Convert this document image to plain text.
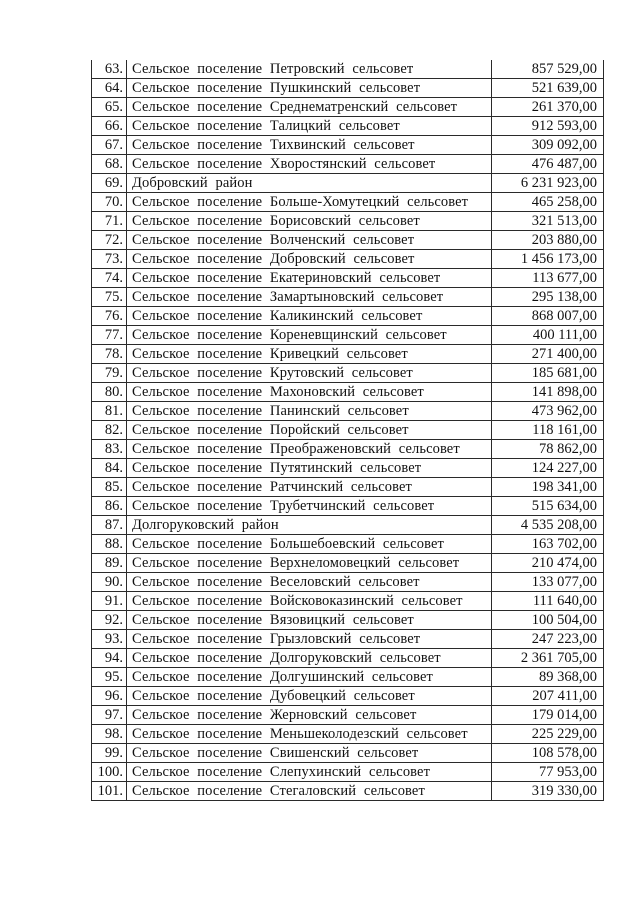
63.	Сельское поселение Петровский сельсовет	857 529,00
64.	Сельское поселение Пушкинский сельсовет	521 639,00
65.	Сельское поселение Среднематренский сельсовет	261 370,00
66.	Сельское поселение Талицкий сельсовет	912 593,00
67.	Сельское поселение Тихвинский сельсовет	309 092,00
68.	Сельское поселение Хворостянский сельсовет	476 487,00
69.	Добровский район	6 231 923,00
70.	Сельское поселение Больше-Хомутецкий сельсовет	465 258,00
71.	Сельское поселение Борисовский сельсовет	321 513,00
72.	Сельское поселение Волченский сельсовет	203 880,00
73.	Сельское поселение Добровский сельсовет	1 456 173,00
74.	Сельское поселение Екатериновский сельсовет	113 677,00
75.	Сельское поселение Замартыновский сельсовет	295 138,00
76.	Сельское поселение Каликинский сельсовет	868 007,00
77.	Сельское поселение Кореневщинский сельсовет	400 111,00
78.	Сельское поселение Кривецкий сельсовет	271 400,00
79.	Сельское поселение Крутовский сельсовет	185 681,00
80.	Сельское поселение Махоновский сельсовет	141 898,00
81.	Сельское поселение Панинский сельсовет	473 962,00
82.	Сельское поселение Поройский сельсовет	118 161,00
83.	Сельское поселение Преображеновский сельсовет	78 862,00
84.	Сельское поселение Путятинский сельсовет	124 227,00
85.	Сельское поселение Ратчинский сельсовет	198 341,00
86.	Сельское поселение Трубетчинский сельсовет	515 634,00
87.	Долгоруковский район	4 535 208,00
88.	Сельское поселение Большебоевский сельсовет	163 702,00
89.	Сельское поселение Верхнеломовецкий сельсовет	210 474,00
90.	Сельское поселение Веселовский сельсовет	133 077,00
91.	Сельское поселение Войсковоказинский сельсовет	111 640,00
92.	Сельское поселение Вязовицкий сельсовет	100 504,00
93.	Сельское поселение Грызловский сельсовет	247 223,00
94.	Сельское поселение Долгоруковский сельсовет	2 361 705,00
95.	Сельское поселение Долгушинский сельсовет	89 368,00
96.	Сельское поселение Дубовецкий сельсовет	207 411,00
97.	Сельское поселение Жерновский сельсовет	179 014,00
98.	Сельское поселение Меньшеколодезский сельсовет	225 229,00
99.	Сельское поселение Свишенский сельсовет	108 578,00
100.	Сельское поселение Слепухинский сельсовет	77 953,00
101.	Сельское поселение Стегаловский сельсовет	319 330,00
